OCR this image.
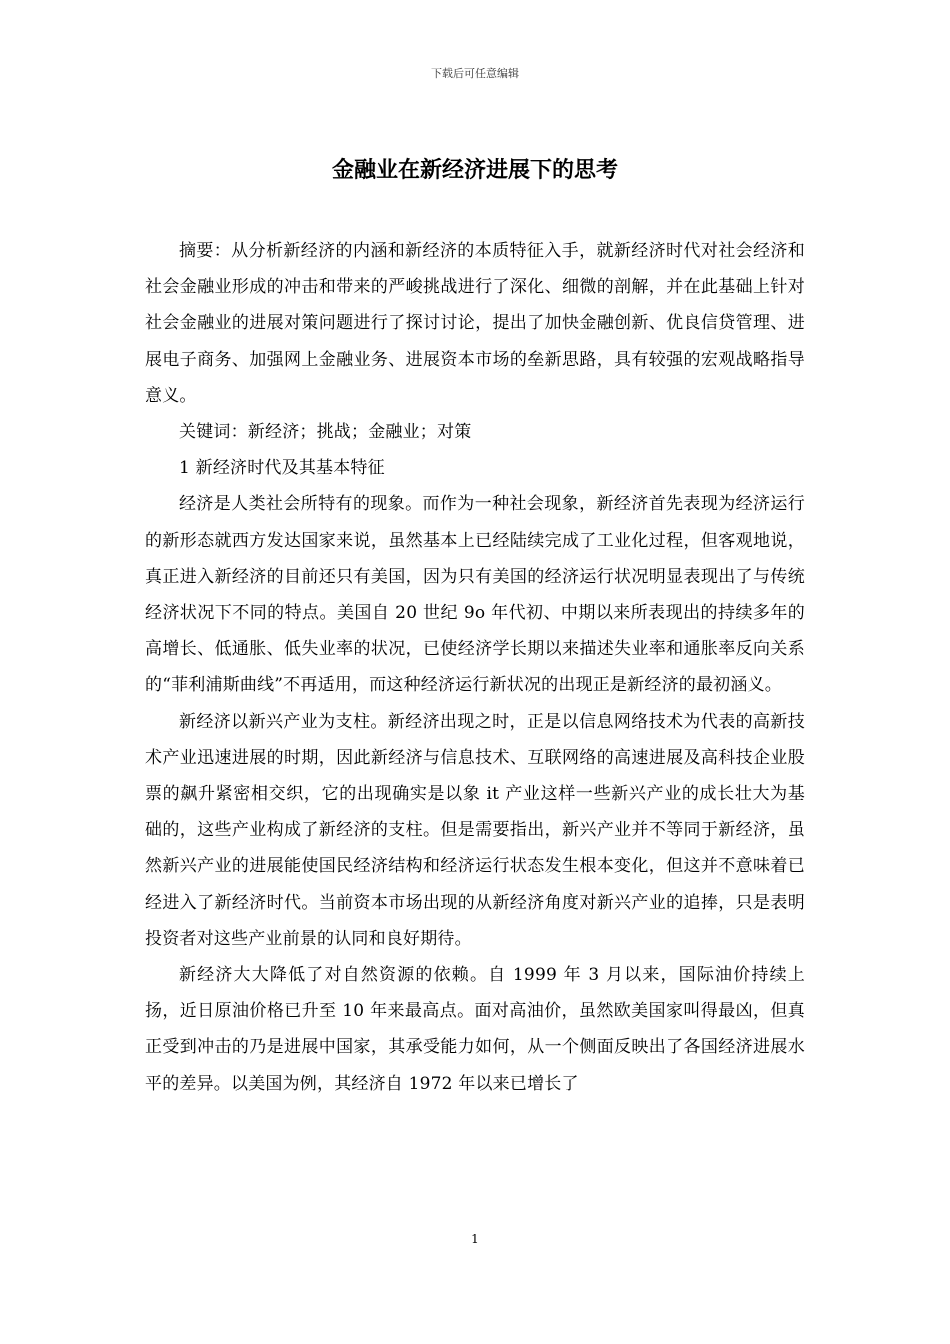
下载后可任意编辑
金融业在新经济进展下的思考

摘要：从分析新经济的内涵和新经济的本质特征入手，就新经济时代对社会经济和社会金融业形成的冲击和带来的严峻挑战进行了深化、细微的剖解，并在此基础上针对社会金融业的进展对策问题进行了探讨讨论，提出了加快金融创新、优良信贷管理、进展电子商务、加强网上金融业务、进展资本市场的垒新思路，具有较强的宏观战略指导意义。

关键词：新经济；挑战；金融业；对策

1 新经济时代及其基本特征

经济是人类社会所特有的现象。而作为一种社会现象，新经济首先表现为经济运行的新形态就西方发达国家来说，虽然基本上已经陆续完成了工业化过程，但客观地说，真正进入新经济的目前还只有美国，因为只有美国的经济运行状况明显表现出了与传统经济状况下不同的特点。美国自 20 世纪 9o 年代初、中期以来所表现出的持续多年的高增长、低通胀、低失业率的状况，已使经济学长期以来描述失业率和通胀率反向关系的“菲利浦斯曲线”不再适用，而这种经济运行新状况的出现正是新经济的最初涵义。

新经济以新兴产业为支柱。新经济出现之时，正是以信息网络技术为代表的高新技术产业迅速进展的时期，因此新经济与信息技术、互联网络的高速进展及高科技企业股票的飙升紧密相交织，它的出现确实是以象 it 产业这样一些新兴产业的成长壮大为基础的，这些产业构成了新经济的支柱。但是需要指出，新兴产业并不等同于新经济，虽然新兴产业的进展能使国民经济结构和经济运行状态发生根本变化，但这并不意味着已经进入了新经济时代。当前资本市场出现的从新经济角度对新兴产业的追捧，只是表明投资者对这些产业前景的认同和良好期待。

新经济大大降低了对自然资源的依赖。自 1999 年 3 月以来，国际油价持续上扬，近日原油价格已升至 10 年来最高点。面对高油价，虽然欧美国家叫得最凶，但真正受到冲击的乃是进展中国家，其承受能力如何，从一个侧面反映出了各国经济进展水平的差异。以美国为例，其经济自 1972 年以来已增长了

1
